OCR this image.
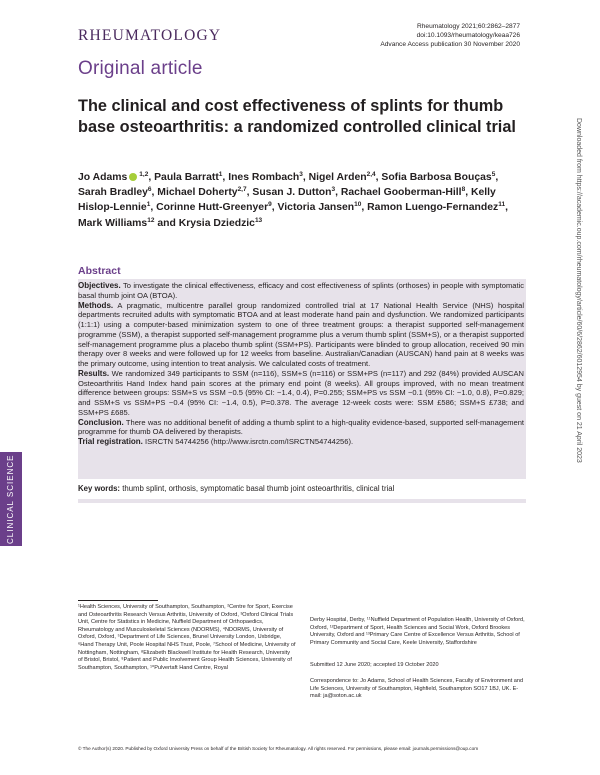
RHEUMATOLOGY
Rheumatology 2021;60:2862–2877
doi:10.1093/rheumatology/keaa726
Advance Access publication 30 November 2020
Original article
The clinical and cost effectiveness of splints for thumb base osteoarthritis: a randomized controlled clinical trial
Jo Adams $^{1,2}$, Paula Barratt$^1$, Ines Rombach$^3$, Nigel Arden$^{2,4}$, Sofia Barbosa Bouças$^5$, Sarah Bradley$^6$, Michael Doherty$^{2,7}$, Susan J. Dutton$^3$, Rachael Gooberman-Hill$^8$, Kelly Hislop-Lennie$^1$, Corinne Hutt-Greenyer$^9$, Victoria Jansen$^{10}$, Ramon Luengo-Fernandez$^{11}$, Mark Williams$^{12}$ and Krysia Dziedzic$^{13}$
Abstract

Objectives. To investigate the clinical effectiveness, efficacy and cost effectiveness of splints (orthoses) in people with symptomatic basal thumb joint OA (BTOA).

Methods. A pragmatic, multicentre parallel group randomized controlled trial at 17 National Health Service (NHS) hospital departments recruited adults with symptomatic BTOA and at least moderate hand pain and dysfunction. We randomized participants (1:1:1) using a computer-based minimization system to one of three treatment groups: a therapist supported self-management programme (SSM), a therapist supported self-management programme plus a verum thumb splint (SSM+S), or a therapist supported self-management programme plus a placebo thumb splint (SSM+PS). Participants were blinded to group allocation, received 90 min therapy over 8 weeks and were followed up for 12 weeks from baseline. Australian/Canadian (AUSCAN) hand pain at 8 weeks was the primary outcome, using intention to treat analysis. We calculated costs of treatment.

Results. We randomized 349 participants to SSM (n=116), SSM+S (n=116) or SSM+PS (n=117) and 292 (84%) provided AUSCAN Osteoarthritis Hand Index hand pain scores at the primary end point (8 weeks). All groups improved, with no mean treatment difference between groups: SSM+S vs SSM −0.5 (95% CI: −1.4, 0.4), P=0.255; SSM+PS vs SSM −0.1 (95% CI: −1.0, 0.8), P=0.829; and SSM+S vs SSM+PS −0.4 (95% CI: −1.4, 0.5), P=0.378. The average 12-week costs were: SSM £586; SSM+S £738; and SSM+PS £685.

Conclusion. There was no additional benefit of adding a thumb splint to a high-quality evidence-based, supported self-management programme for thumb OA delivered by therapists.

Trial registration. ISRCTN 54744256 (http://www.isrctn.com/ISRCTN54744256).

Key words: thumb splint, orthosis, symptomatic basal thumb joint osteoarthritis, clinical trial
CLINICAL SCIENCE
Downloaded from https://academic.oup.com/rheumatology/article/60/6/2862/6012954 by guest on 21 April 2023
¹Health Sciences, University of Southampton, Southampton, ²Centre for Sport, Exercise and Osteoarthritis Research Versus Arthritis, University of Oxford, ³Oxford Clinical Trials Unit, Centre for Statistics in Medicine, Nuffield Department of Orthopaedics, Rheumatology and Musculoskeletal Sciences (NDORMS), ⁴NDORMS, University of Oxford, Oxford, ⁵Department of Life Sciences, Brunel University London, Uxbridge, ⁶Hand Therapy Unit, Poole Hospital NHS Trust, Poole, ⁷School of Medicine, University of Nottingham, Nottingham, ⁸Elizabeth Blackwell Institute for Health Research, University of Bristol, Bristol, ⁹Patient and Public Involvement Group Health Sciences, University of Southampton, Southampton, ¹⁰Pulvertaft Hand Centre, Royal
Derby Hospital, Derby, ¹¹Nuffield Department of Population Health, University of Oxford, Oxford, ¹²Department of Sport, Health Sciences and Social Work, Oxford Brookes University, Oxford and ¹³Primary Care Centre of Excellence Versus Arthritis, School of Primary Community and Social Care, Keele University, Staffordshire
Submitted 12 June 2020; accepted 19 October 2020
Correspondence to: Jo Adams, School of Health Sciences, Faculty of Environment and Life Sciences, University of Southampton, Highfield, Southampton SO17 1BJ, UK. E-mail: ja@soton.ac.uk
© The Author(s) 2020. Published by Oxford University Press on behalf of the British Society for Rheumatology. All rights reserved. For permissions, please email: journals.permissions@oup.com
